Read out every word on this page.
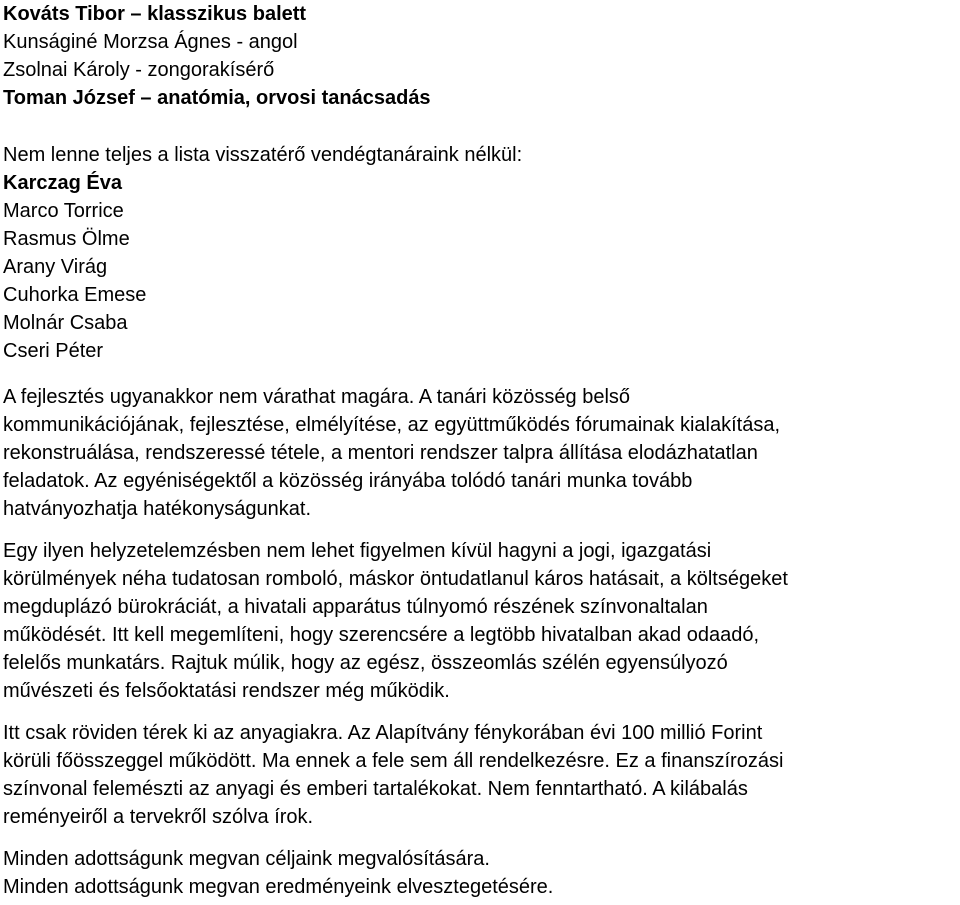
Kováts Tibor – klasszikus balett
Kunságiné Morzsa Ágnes - angol
Zsolnai Károly - zongorakísérő
Toman József – anatómia, orvosi tanácsadás
Nem lenne teljes a lista visszatérő vendégtanáraink nélkül:
Karczag Éva
Marco Torrice
Rasmus Ölme
Arany Virág
Cuhorka Emese
Molnár Csaba
Cseri Péter

A fejlesztés ugyanakkor nem várathat magára. A tanári közösség belső
kommunikációjának, fejlesztése, elmélyítése, az együttműködés fórumainak kialakítása,
rekonstruálása, rendszeressé tétele, a mentori rendszer talpra állítása elodázhatatlan
feladatok. Az egyéniségektől a közösség irányába tolódó tanári munka tovább
hatványozhatja hatékonyságunkat.

Egy ilyen helyzetelemzésben nem lehet figyelmen kívül hagyni a jogi, igazgatási
körülmények néha tudatosan romboló, máskor öntudatlanul káros hatásait, a költségeket
megduplázó bürokráciát, a hivatali apparátus túlnyomó részének színvonaltalan
működését. Itt kell megemlíteni, hogy szerencsére a legtöbb hivatalban akad odaadó,
felelős munkatárs. Rajtuk múlik, hogy az egész, összeomlás szélén egyensúlyozó
művészeti és felsőoktatási rendszer még működik.

Itt csak röviden térek ki az anyagiakra. Az Alapítvány fénykorában évi 100 millió Forint
körüli főösszeggel működött. Ma ennek a fele sem áll rendelkezésre. Ez a finanszírozási
színvonal felemészti az anyagi és emberi tartalékokat. Nem fenntartható. A kilábalás
reményeiről a tervekről szólva írok.

Minden adottságunk megvan céljaink megvalósítására.
Minden adottságunk megvan eredményeink elvesztegetésére.
